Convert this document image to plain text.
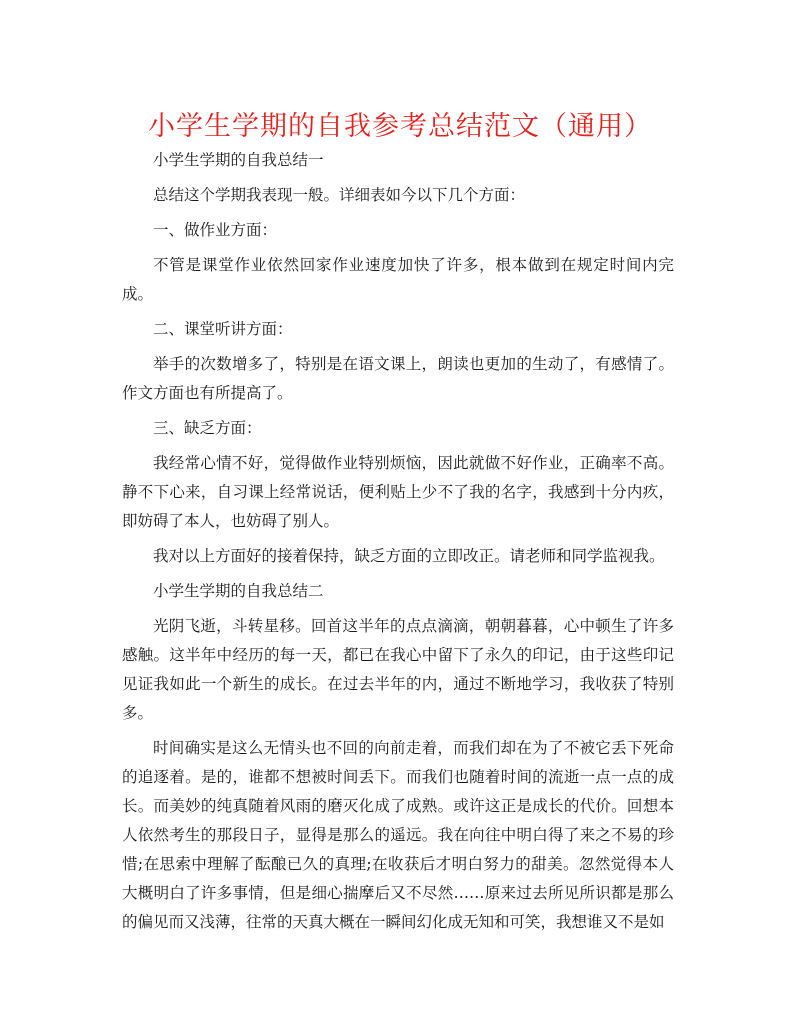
小学生学期的自我参考总结范文（通用）

小学生学期的自我总结一

总结这个学期我表现一般。详细表如今以下几个方面：

一、做作业方面：

不管是课堂作业依然回家作业速度加快了许多，根本做到在规定时间内完成。

二、课堂听讲方面：

举手的次数增多了，特别是在语文课上，朗读也更加的生动了，有感情了。作文方面也有所提高了。

三、缺乏方面：

我经常心情不好，觉得做作业特别烦恼，因此就做不好作业，正确率不高。静不下心来，自习课上经常说话，便利贴上少不了我的名字，我感到十分内疚，即妨碍了本人，也妨碍了别人。

我对以上方面好的接着保持，缺乏方面的立即改正。请老师和同学监视我。

小学生学期的自我总结二

光阴飞逝，斗转星移。回首这半年的点点滴滴，朝朝暮暮，心中顿生了许多感触。这半年中经历的每一天，都已在我心中留下了永久的印记，由于这些印记见证我如此一个新生的成长。在过去半年的内，通过不断地学习，我收获了特别多。

时间确实是这么无情头也不回的向前走着，而我们却在为了不被它丢下死命的追逐着。是的，谁都不想被时间丢下。而我们也随着时间的流逝一点一点的成长。而美妙的纯真随着风雨的磨灭化成了成熟。或许这正是成长的代价。回想本人依然考生的那段日子，显得是那么的遥远。我在向往中明白得了来之不易的珍惜;在思索中理解了酝酿已久的真理;在收获后才明白努力的甜美。忽然觉得本人大概明白了许多事情，但是细心揣摩后又不尽然……原来过去所见所识都是那么的偏见而又浅薄，往常的天真大概在一瞬间幻化成无知和可笑，我想谁又不是如
